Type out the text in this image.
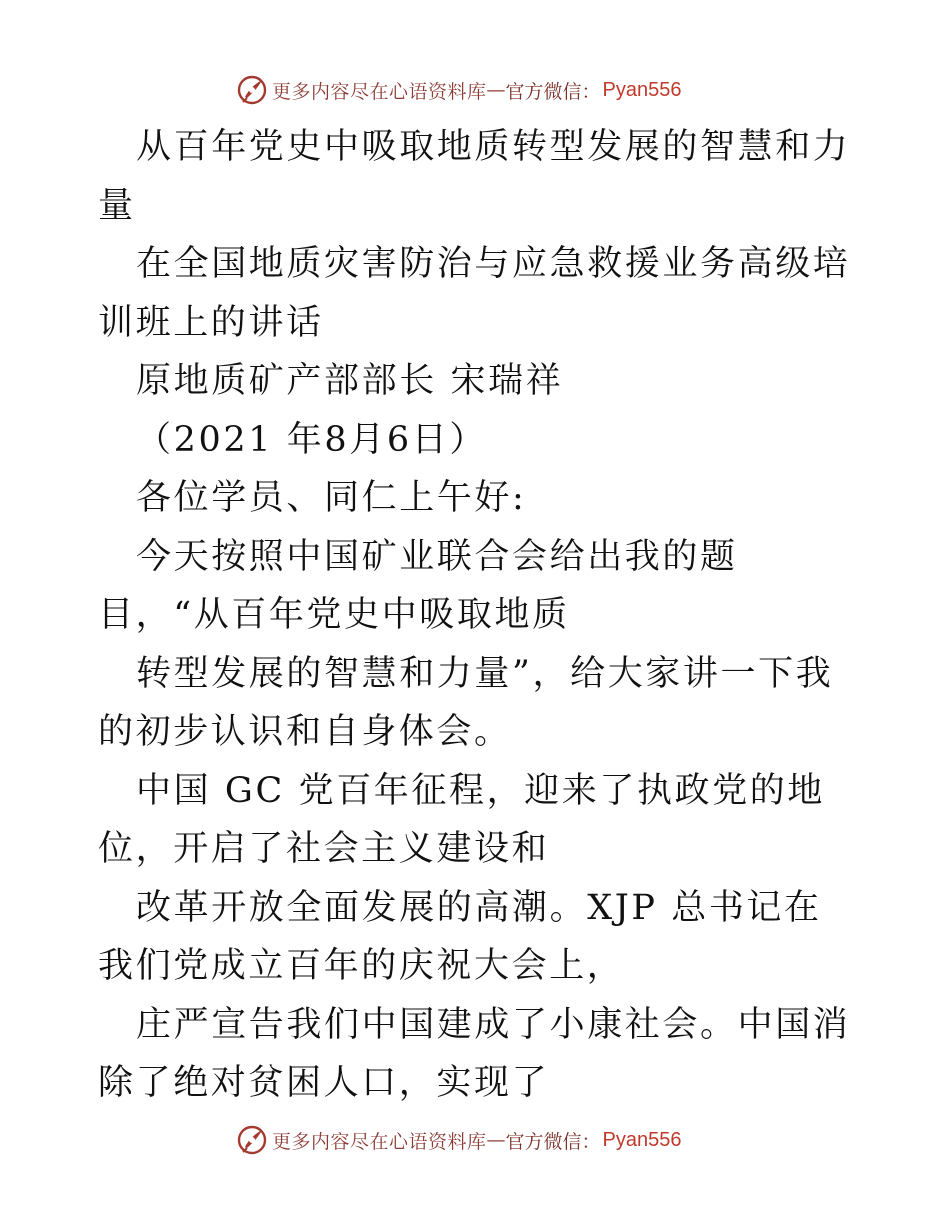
更多内容尽在心语资料库 — 官方微信： Pyan556

从百年党史中吸取地质转型发展的智慧和力量

在全国地质灾害防治与应急救援业务高级培训班上的讲话

原地质矿产部部长 宋瑞祥

（2021 年8月6日）

各位学员、同仁上午好:

今天按照中国矿业联合会给出我的题目，“从百年党史中吸取地质

转型发展的智慧和力量”，给大家讲一下我的初步认识和自身体会。

中国 GC 党百年征程，迎来了执政党的地位，开启了社会主义建设和

改革开放全面发展的高潮。XJP 总书记在我们党成立百年的庆祝大会上，

庄严宣告我们中国建成了小康社会。中国消除了绝对贫困人口，实现了

更多内容尽在心语资料库 — 官方微信： Pyan556
